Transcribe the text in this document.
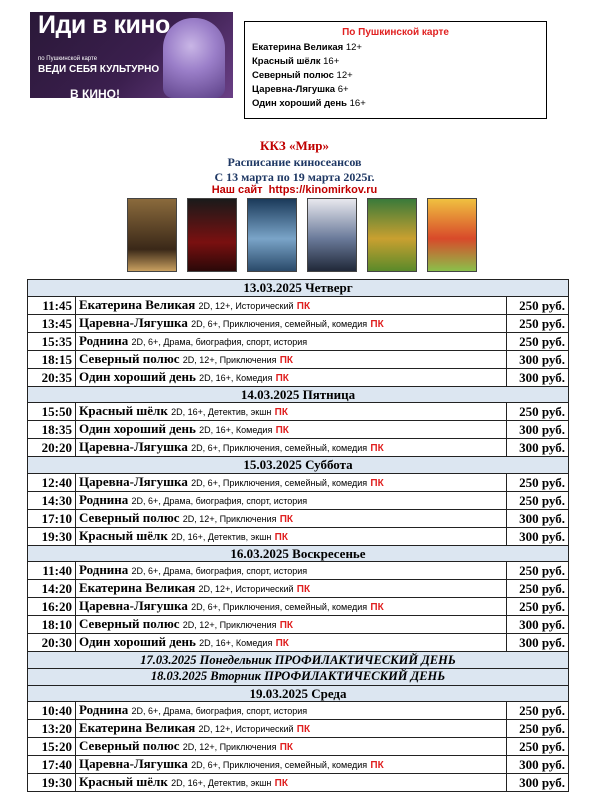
Иди в кино
по Пушкинской карте
ВЕДИ СЕБЯ КУЛЬТУРНО
В КИНО!
По Пушкинской карте
Екатерина Великая 12+
Красный шёлк 16+
Северный полюс 12+
Царевна-Лягушка 6+
Один хороший день 16+
ККЗ «Мир»
Расписание киносеансов
С 13 марта по 19 марта 2025г.
Наш сайт https://kinomirkov.ru
13.03.2025 Четверг		
11:45	Екатерина Великая 2D, 12+, Исторический ПК	250 руб.
13:45	Царевна-Лягушка 2D, 6+, Приключения, семейный, комедия ПК	250 руб.
15:35	Роднина 2D, 6+, Драма, биография, спорт, история	250 руб.
18:15	Северный полюс 2D, 12+, Приключения ПК	300 руб.
20:35	Один хороший день 2D, 16+, Комедия ПК	300 руб.
14.03.2025 Пятница		
15:50	Красный шёлк 2D, 16+, Детектив, экшн ПК	250 руб.
18:35	Один хороший день 2D, 16+, Комедия ПК	300 руб.
20:20	Царевна-Лягушка 2D, 6+, Приключения, семейный, комедия ПК	300 руб.
15.03.2025 Суббота		
12:40	Царевна-Лягушка 2D, 6+, Приключения, семейный, комедия ПК	250 руб.
14:30	Роднина 2D, 6+, Драма, биография, спорт, история	250 руб.
17:10	Северный полюс 2D, 12+, Приключения ПК	300 руб.
19:30	Красный шёлк 2D, 16+, Детектив, экшн ПК	300 руб.
16.03.2025 Воскресенье		
11:40	Роднина 2D, 6+, Драма, биография, спорт, история	250 руб.
14:20	Екатерина Великая 2D, 12+, Исторический ПК	250 руб.
16:20	Царевна-Лягушка 2D, 6+, Приключения, семейный, комедия ПК	250 руб.
18:10	Северный полюс 2D, 12+, Приключения ПК	300 руб.
20:30	Один хороший день 2D, 16+, Комедия ПК	300 руб.
17.03.2025 Понедельник ПРОФИЛАКТИЧЕСКИЙ ДЕНЬ		
18.03.2025 Вторник ПРОФИЛАКТИЧЕСКИЙ ДЕНЬ		
19.03.2025 Среда		
10:40	Роднина 2D, 6+, Драма, биография, спорт, история	250 руб.
13:20	Екатерина Великая 2D, 12+, Исторический ПК	250 руб.
15:20	Северный полюс 2D, 12+, Приключения ПК	250 руб.
17:40	Царевна-Лягушка 2D, 6+, Приключения, семейный, комедия ПК	300 руб.
19:30	Красный шёлк 2D, 16+, Детектив, экшн ПК	300 руб.
